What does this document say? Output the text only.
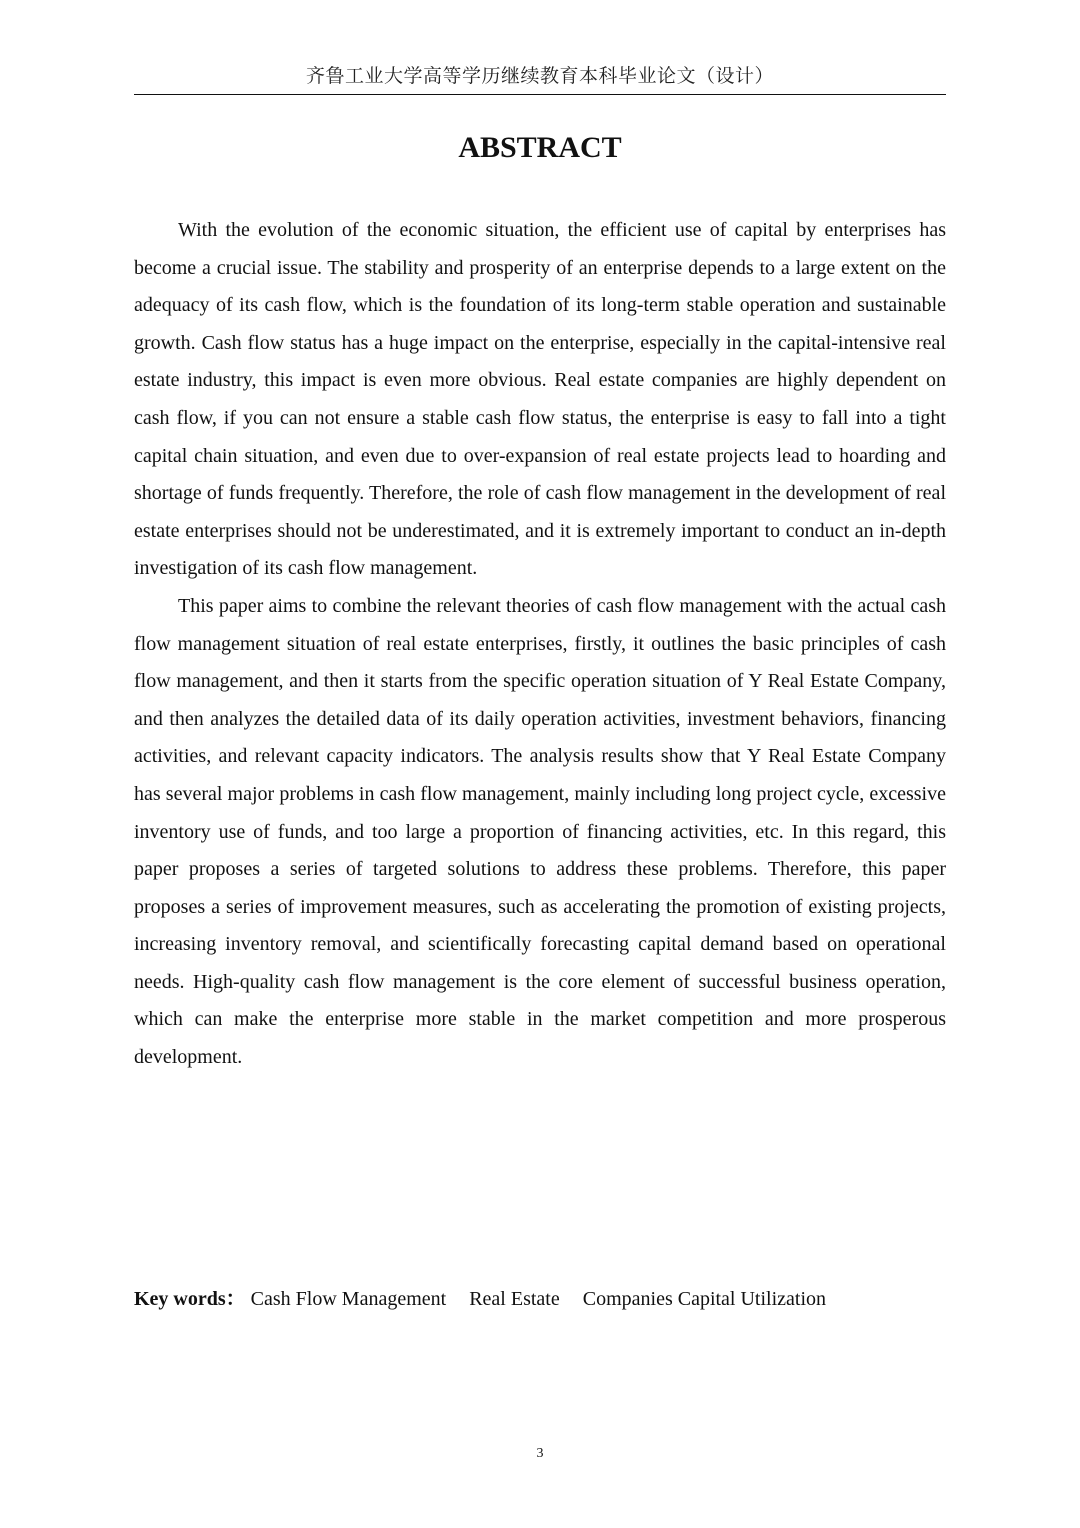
齐鲁工业大学高等学历继续教育本科毕业论文（设计）
ABSTRACT

With the evolution of the economic situation, the efficient use of capital by enterprises has become a crucial issue. The stability and prosperity of an enterprise depends to a large extent on the adequacy of its cash flow, which is the foundation of its long-term stable operation and sustainable growth. Cash flow status has a huge impact on the enterprise, especially in the capital-intensive real estate industry, this impact is even more obvious. Real estate companies are highly dependent on cash flow, if you can not ensure a stable cash flow status, the enterprise is easy to fall into a tight capital chain situation, and even due to over-expansion of real estate projects lead to hoarding and shortage of funds frequently. Therefore, the role of cash flow management in the development of real estate enterprises should not be underestimated, and it is extremely important to conduct an in-depth investigation of its cash flow management.

This paper aims to combine the relevant theories of cash flow management with the actual cash flow management situation of real estate enterprises, firstly, it outlines the basic principles of cash flow management, and then it starts from the specific operation situation of Y Real Estate Company, and then analyzes the detailed data of its daily operation activities, investment behaviors, financing activities, and relevant capacity indicators. The analysis results show that Y Real Estate Company has several major problems in cash flow management, mainly including long project cycle, excessive inventory use of funds, and too large a proportion of financing activities, etc. In this regard, this paper proposes a series of targeted solutions to address these problems. Therefore, this paper proposes a series of improvement measures, such as accelerating the promotion of existing projects, increasing inventory removal, and scientifically forecasting capital demand based on operational needs. High-quality cash flow management is the core element of successful business operation, which can make the enterprise more stable in the market competition and more prosperous development.

Key words： Cash Flow Management Real Estate Companies Capital Utilization
3
